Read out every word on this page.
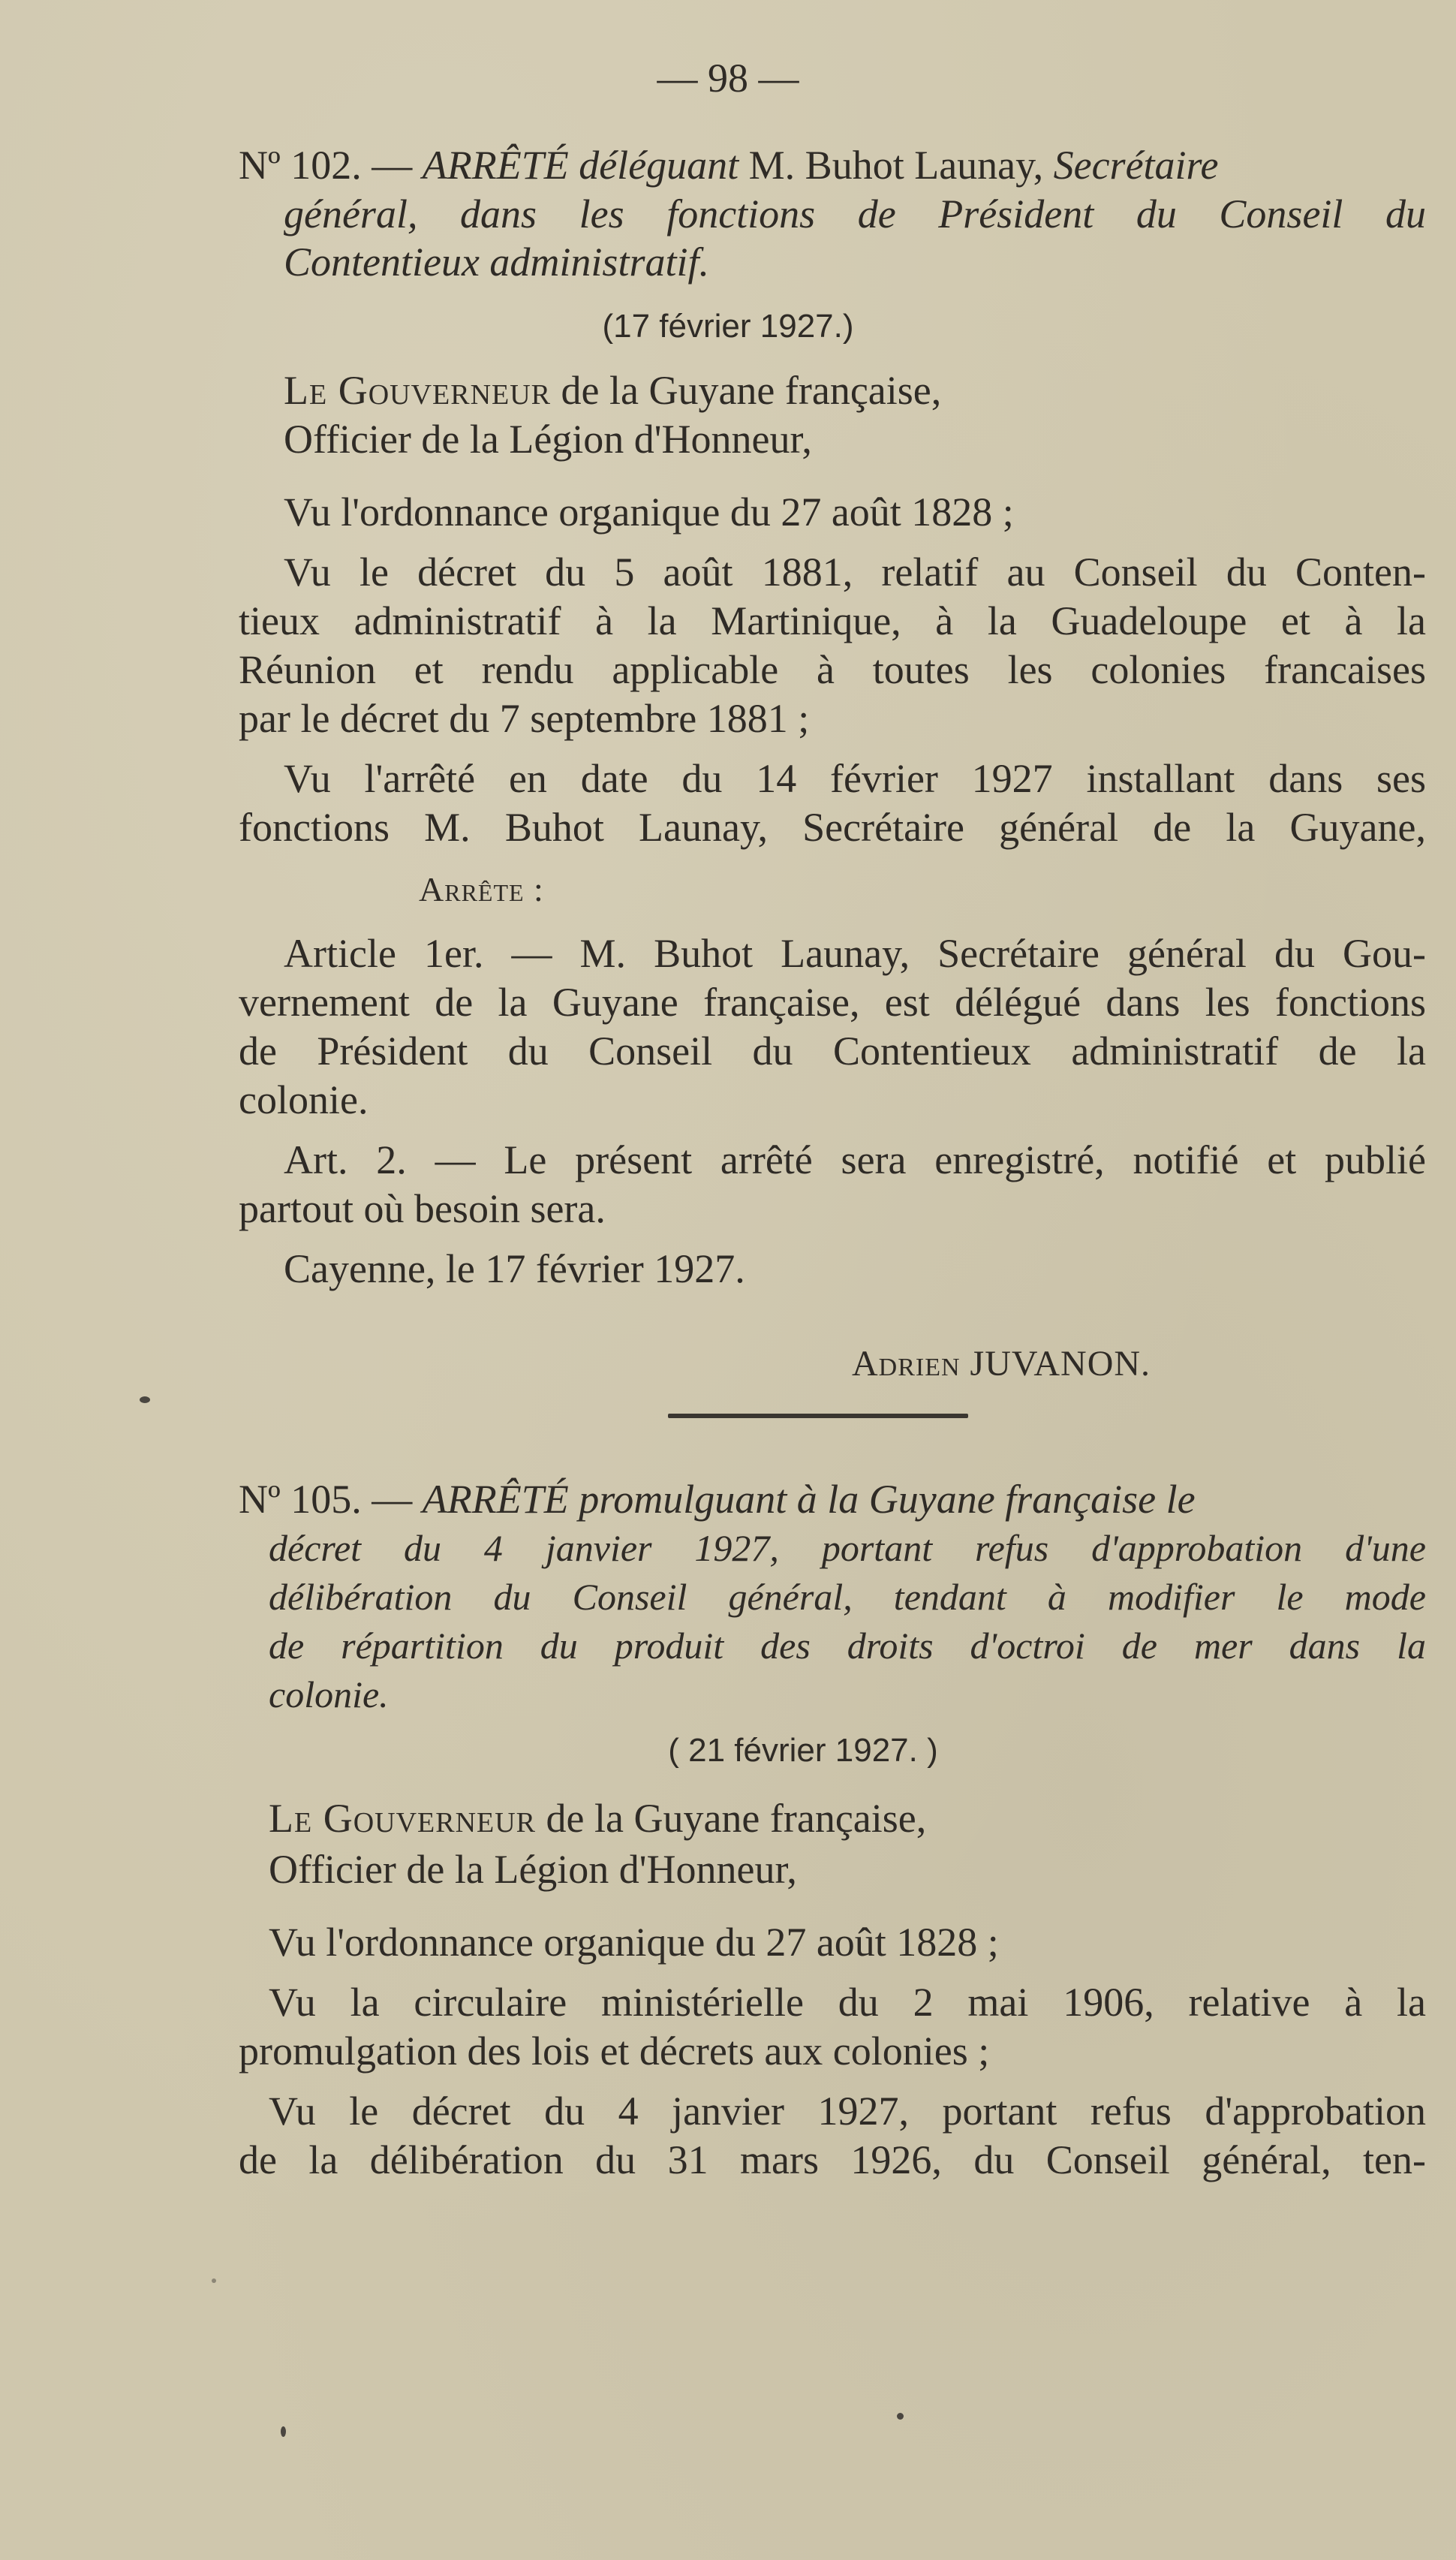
— 98 —
Nº 102. — ARRÊTÉ déléguant M. Buhot Launay, Secrétaire
général, dans les fonctions de Président du Conseil du
Contentieux administratif.
(17 février 1927.)
Le Gouverneur de la Guyane française,
Officier de la Légion d'Honneur,
Vu l'ordonnance organique du 27 août 1828 ;
Vu le décret du 5 août 1881, relatif au Conseil du Conten-
tieux administratif à la Martinique, à la Guadeloupe et à la
Réunion et rendu applicable à toutes les colonies francaises
par le décret du 7 septembre 1881 ;
Vu l'arrêté en date du 14 février 1927 installant dans ses
fonctions M. Buhot Launay, Secrétaire général de la Guyane,
Arrête :
Article 1er. — M. Buhot Launay, Secrétaire général du Gou-
vernement de la Guyane française, est délégué dans les fonctions
de Président du Conseil du Contentieux administratif de la
colonie.
Art. 2. — Le présent arrêté sera enregistré, notifié et publié
partout où besoin sera.
Cayenne, le 17 février 1927.
Adrien JUVANON.
Nº 105. — ARRÊTÉ promulguant à la Guyane française le
décret du 4 janvier 1927, portant refus d'approbation d'une
délibération du Conseil général, tendant à modifier le mode
de répartition du produit des droits d'octroi de mer dans la
colonie.
( 21 février 1927. )
Le Gouverneur de la Guyane française,
Officier de la Légion d'Honneur,
Vu l'ordonnance organique du 27 août 1828 ;
Vu la circulaire ministérielle du 2 mai 1906, relative à la
promulgation des lois et décrets aux colonies ;
Vu le décret du 4 janvier 1927, portant refus d'approbation
de la délibération du 31 mars 1926, du Conseil général, ten-
